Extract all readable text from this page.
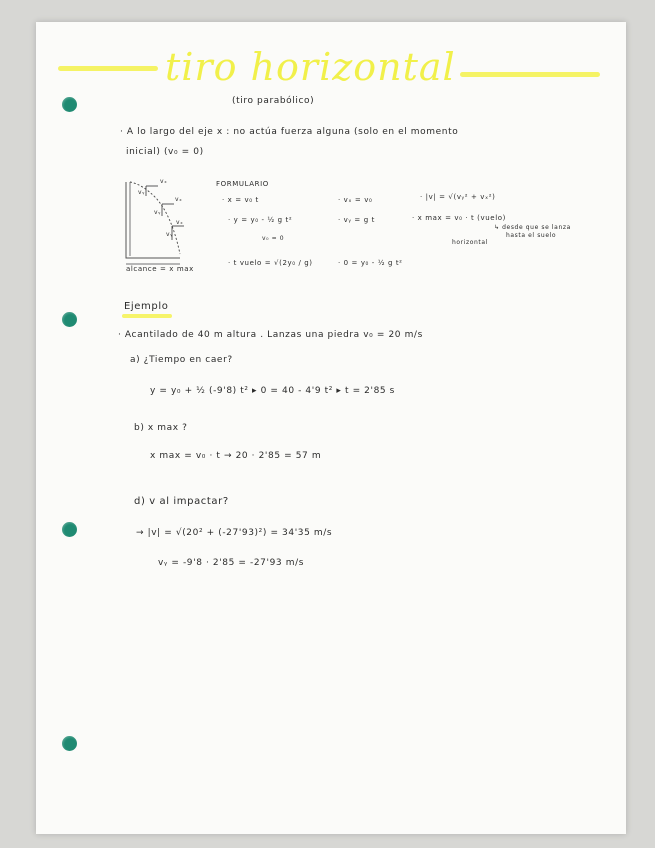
tiro horizontal
(tiro parabólico)
· A lo largo del eje x : no actúa fuerza alguna (solo en el momento
inicial) (v₀ = 0)
vₓ
vᵧ
vₓ
vᵧ
vₓ
vᵧ
alcance = x max
FORMULARIO
· x = v₀ t	· vₓ = v₀	· |v| = √(vᵧ² + vₓ²)
· y = y₀ - ½ g t²
v₀ = 0
· vᵧ = g t	· x max = v₀ · t (vuelo)
↳ desde que se lanza
hasta el suelo
horizontal
· t vuelo = √(2y₀ / g)	· 0 = y₀ - ½ g t²
Ejemplo
· Acantilado de 40 m altura . Lanzas una piedra v₀ = 20 m/s
a) ¿Tiempo en caer?
y = y₀ + ½ (-9'8) t² ▸ 0 = 40 - 4'9 t² ▸ t = 2'85 s
b) x max ?
x max = v₀ · t → 20 · 2'85 = 57 m
d) v al impactar?
→ |v| = √(20² + (-27'93)²) = 34'35 m/s
vᵧ = -9'8 · 2'85 = -27'93 m/s
